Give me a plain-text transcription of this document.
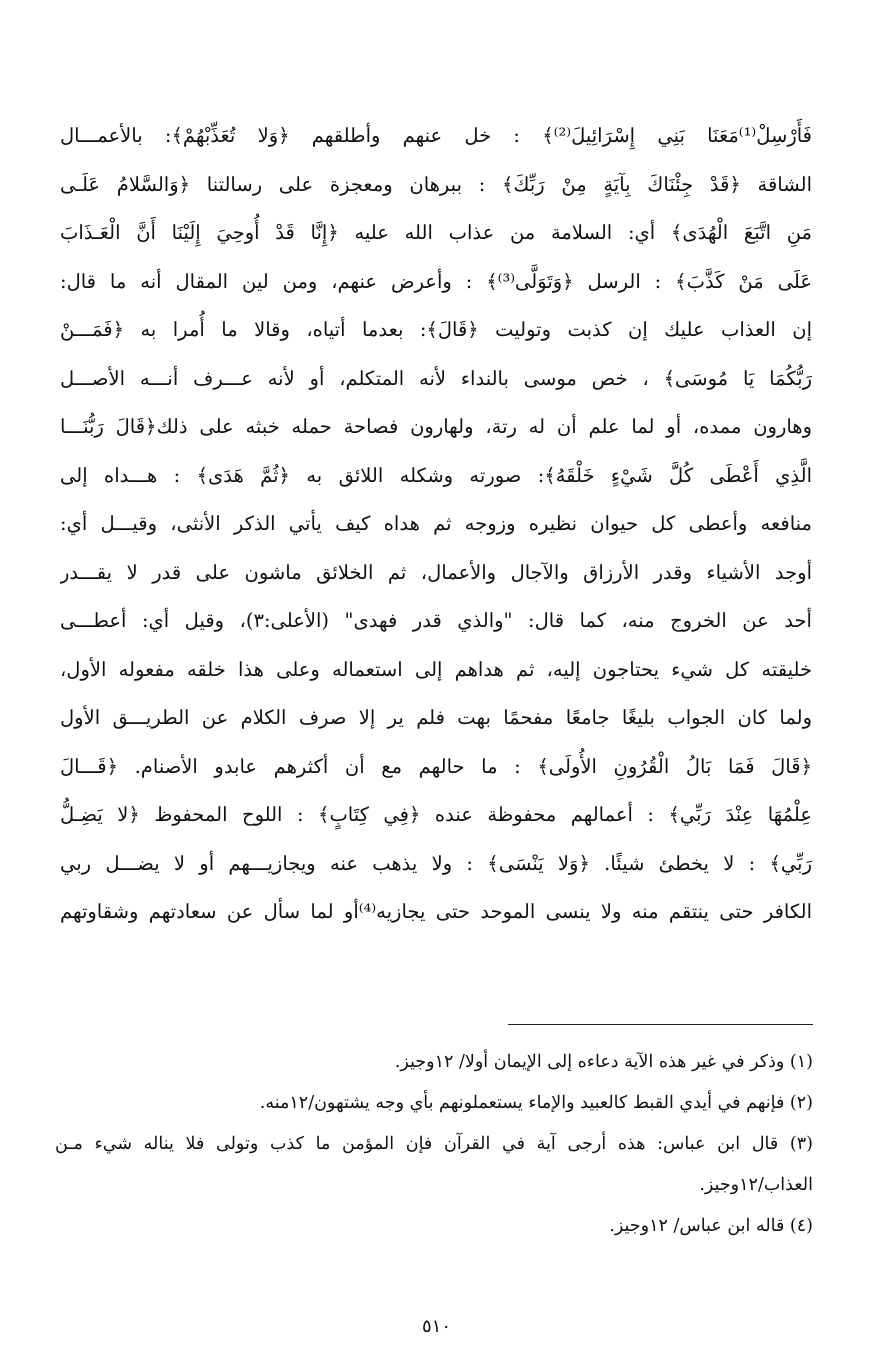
فَأَرْسِلْ⁽¹⁾مَعَنَا بَنِي إِسْرَائِيلَ⁽²⁾﴾ : خل عنهم وأطلقهم ﴿وَلا تُعَذِّبْهُمْ﴾: بالأعمـــال
الشاقة ﴿قَدْ جِئْنَاكَ بِآيَةٍ مِنْ رَبِّكَ﴾ : ببرهان ومعجزة على رسالتنا ﴿وَالسَّلامُ عَلَـى
مَنِ اتَّبَعَ الْهُدَى﴾ أي: السلامة من عذاب الله عليه ﴿إِنَّا قَدْ أُوحِيَ إِلَيْنَا أَنَّ الْعَـذَابَ
عَلَى مَنْ كَذَّبَ﴾ : الرسل ﴿وَتَوَلَّى⁽³⁾﴾ : وأعرض عنهم، ومن لين المقال أنه ما قال:
إن العذاب عليك إن كذبت وتوليت ﴿قَالَ﴾: بعدما أتياه، وقالا ما أُمرا به ﴿فَمَـــنْ
رَبُّكُمَا يَا مُوسَى﴾ ، خص موسى بالنداء لأنه المتكلم، أو لأنه عـــرف أنـــه الأصـــل
وهارون ممده، أو لما علم أن له رتة، ولهارون فصاحة حمله خبثه على ذلك﴿قَالَ رَبُّنَـــا
الَّذِي أَعْطَى كُلَّ شَيْءٍ خَلْقَهُ﴾: صورته وشكله اللائق به ﴿ثُمَّ هَدَى﴾ : هـــداه إلى
منافعه وأعطى كل حيوان نظيره وزوجه ثم هداه كيف يأتي الذكر الأنثى، وقيـــل أي:
أوجد الأشياء وقدر الأرزاق والآجال والأعمال، ثم الخلائق ماشون على قدر لا يقـــدر
أحد عن الخروج منه، كما قال: "والذي قدر فهدى" (الأعلى:٣)، وقيل أي: أعطـــى
خليقته كل شيء يحتاجون إليه، ثم هداهم إلى استعماله وعلى هذا خلقه مفعوله الأول،
ولما كان الجواب بليغًا جامعًا مفحمًا بهت فلم ير إلا صرف الكلام عن الطريـــق الأول
﴿قَالَ فَمَا بَالُ الْقُرُونِ الأُولَى﴾ : ما حالهم مع أن أكثرهم عابدو الأصنام. ﴿قَـــالَ
عِلْمُهَا عِنْدَ رَبِّي﴾ : أعمالهم محفوظة عنده ﴿فِي كِتَابٍ﴾ : اللوح المحفوظ ﴿لا يَضِـلُّ
رَبِّي﴾ : لا يخطئ شيئًا. ﴿وَلا يَنْسَى﴾ : ولا يذهب عنه ويجازيـــهم أو لا يضـــل ربي
الكافر حتى ينتقم منه ولا ينسى الموحد حتى يجازيه⁽⁴⁾أو لما سأل عن سعادتهم وشقاوتهم
(١) وذكر في غير هذه الآية دعاءه إلى الإيمان أولا/ ١٢وجيز.
(٢) فإنهم في أيدي القبط كالعبيد والإماء يستعملونهم بأي وجه يشتهون/١٢منه.
(٣) قال ابن عباس: هذه أرجى آية في القرآن فإن المؤمن ما كذب وتولى فلا يناله شيء مـن
العذاب/١٢وجيز.
(٤) قاله ابن عباس/ ١٢وجيز.
٥١٠
